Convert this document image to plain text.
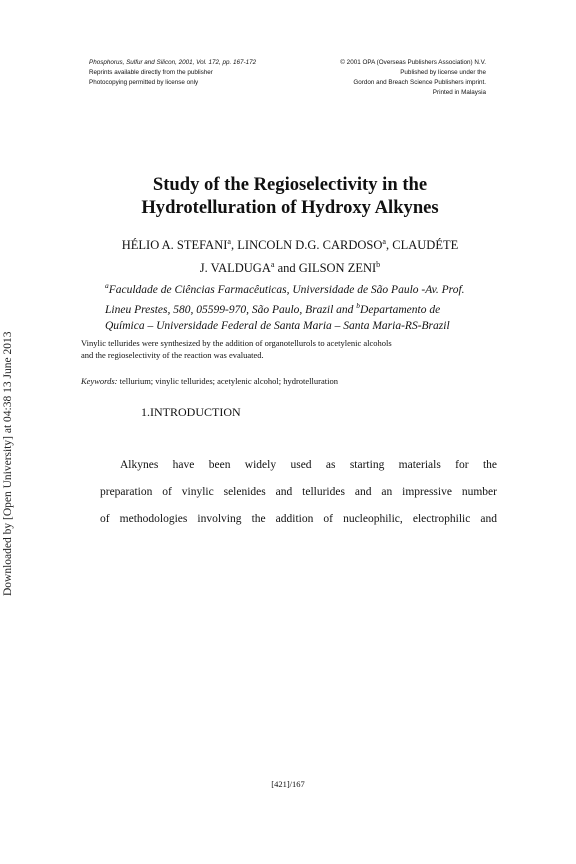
Phosphorus, Sulfur and Silicon, 2001, Vol. 172, pp. 167-172
Reprints available directly from the publisher
Photocopying permitted by license only
© 2001 OPA (Overseas Publishers Association) N.V.
Published by license under the
Gordon and Breach Science Publishers imprint.
Printed in Malaysia
Downloaded by [Open University] at 04:38 13 June 2013
Study of the Regioselectivity in the
Hydrotelluration of Hydroxy Alkynes
HÉLIO A. STEFANI$^a$, LINCOLN D.G. CARDOSO$^a$, CLAUDÉTE
J. VALDUGA$^a$ and GILSON ZENI$^b$
$^a$Faculdade de Ciências Farmacêuticas, Universidade de São Paulo -Av. Prof.
Lineu Prestes, 580, 05599-970, São Paulo, Brazil and $^b$Departamento de
Química – Universidade Federal de Santa Maria – Santa Maria-RS-Brazil
Vinylic tellurides were synthesized by the addition of organotellurols to acetylenic alcohols
and the regioselectivity of the reaction was evaluated.
Keywords: tellurium; vinylic tellurides; acetylenic alcohol; hydrotelluration
1.INTRODUCTION
Alkynes have been widely used as starting materials for the
preparation of vinylic selenides and tellurides and an impressive number
of methodologies involving the addition of nucleophilic, electrophilic and
[421]/167
